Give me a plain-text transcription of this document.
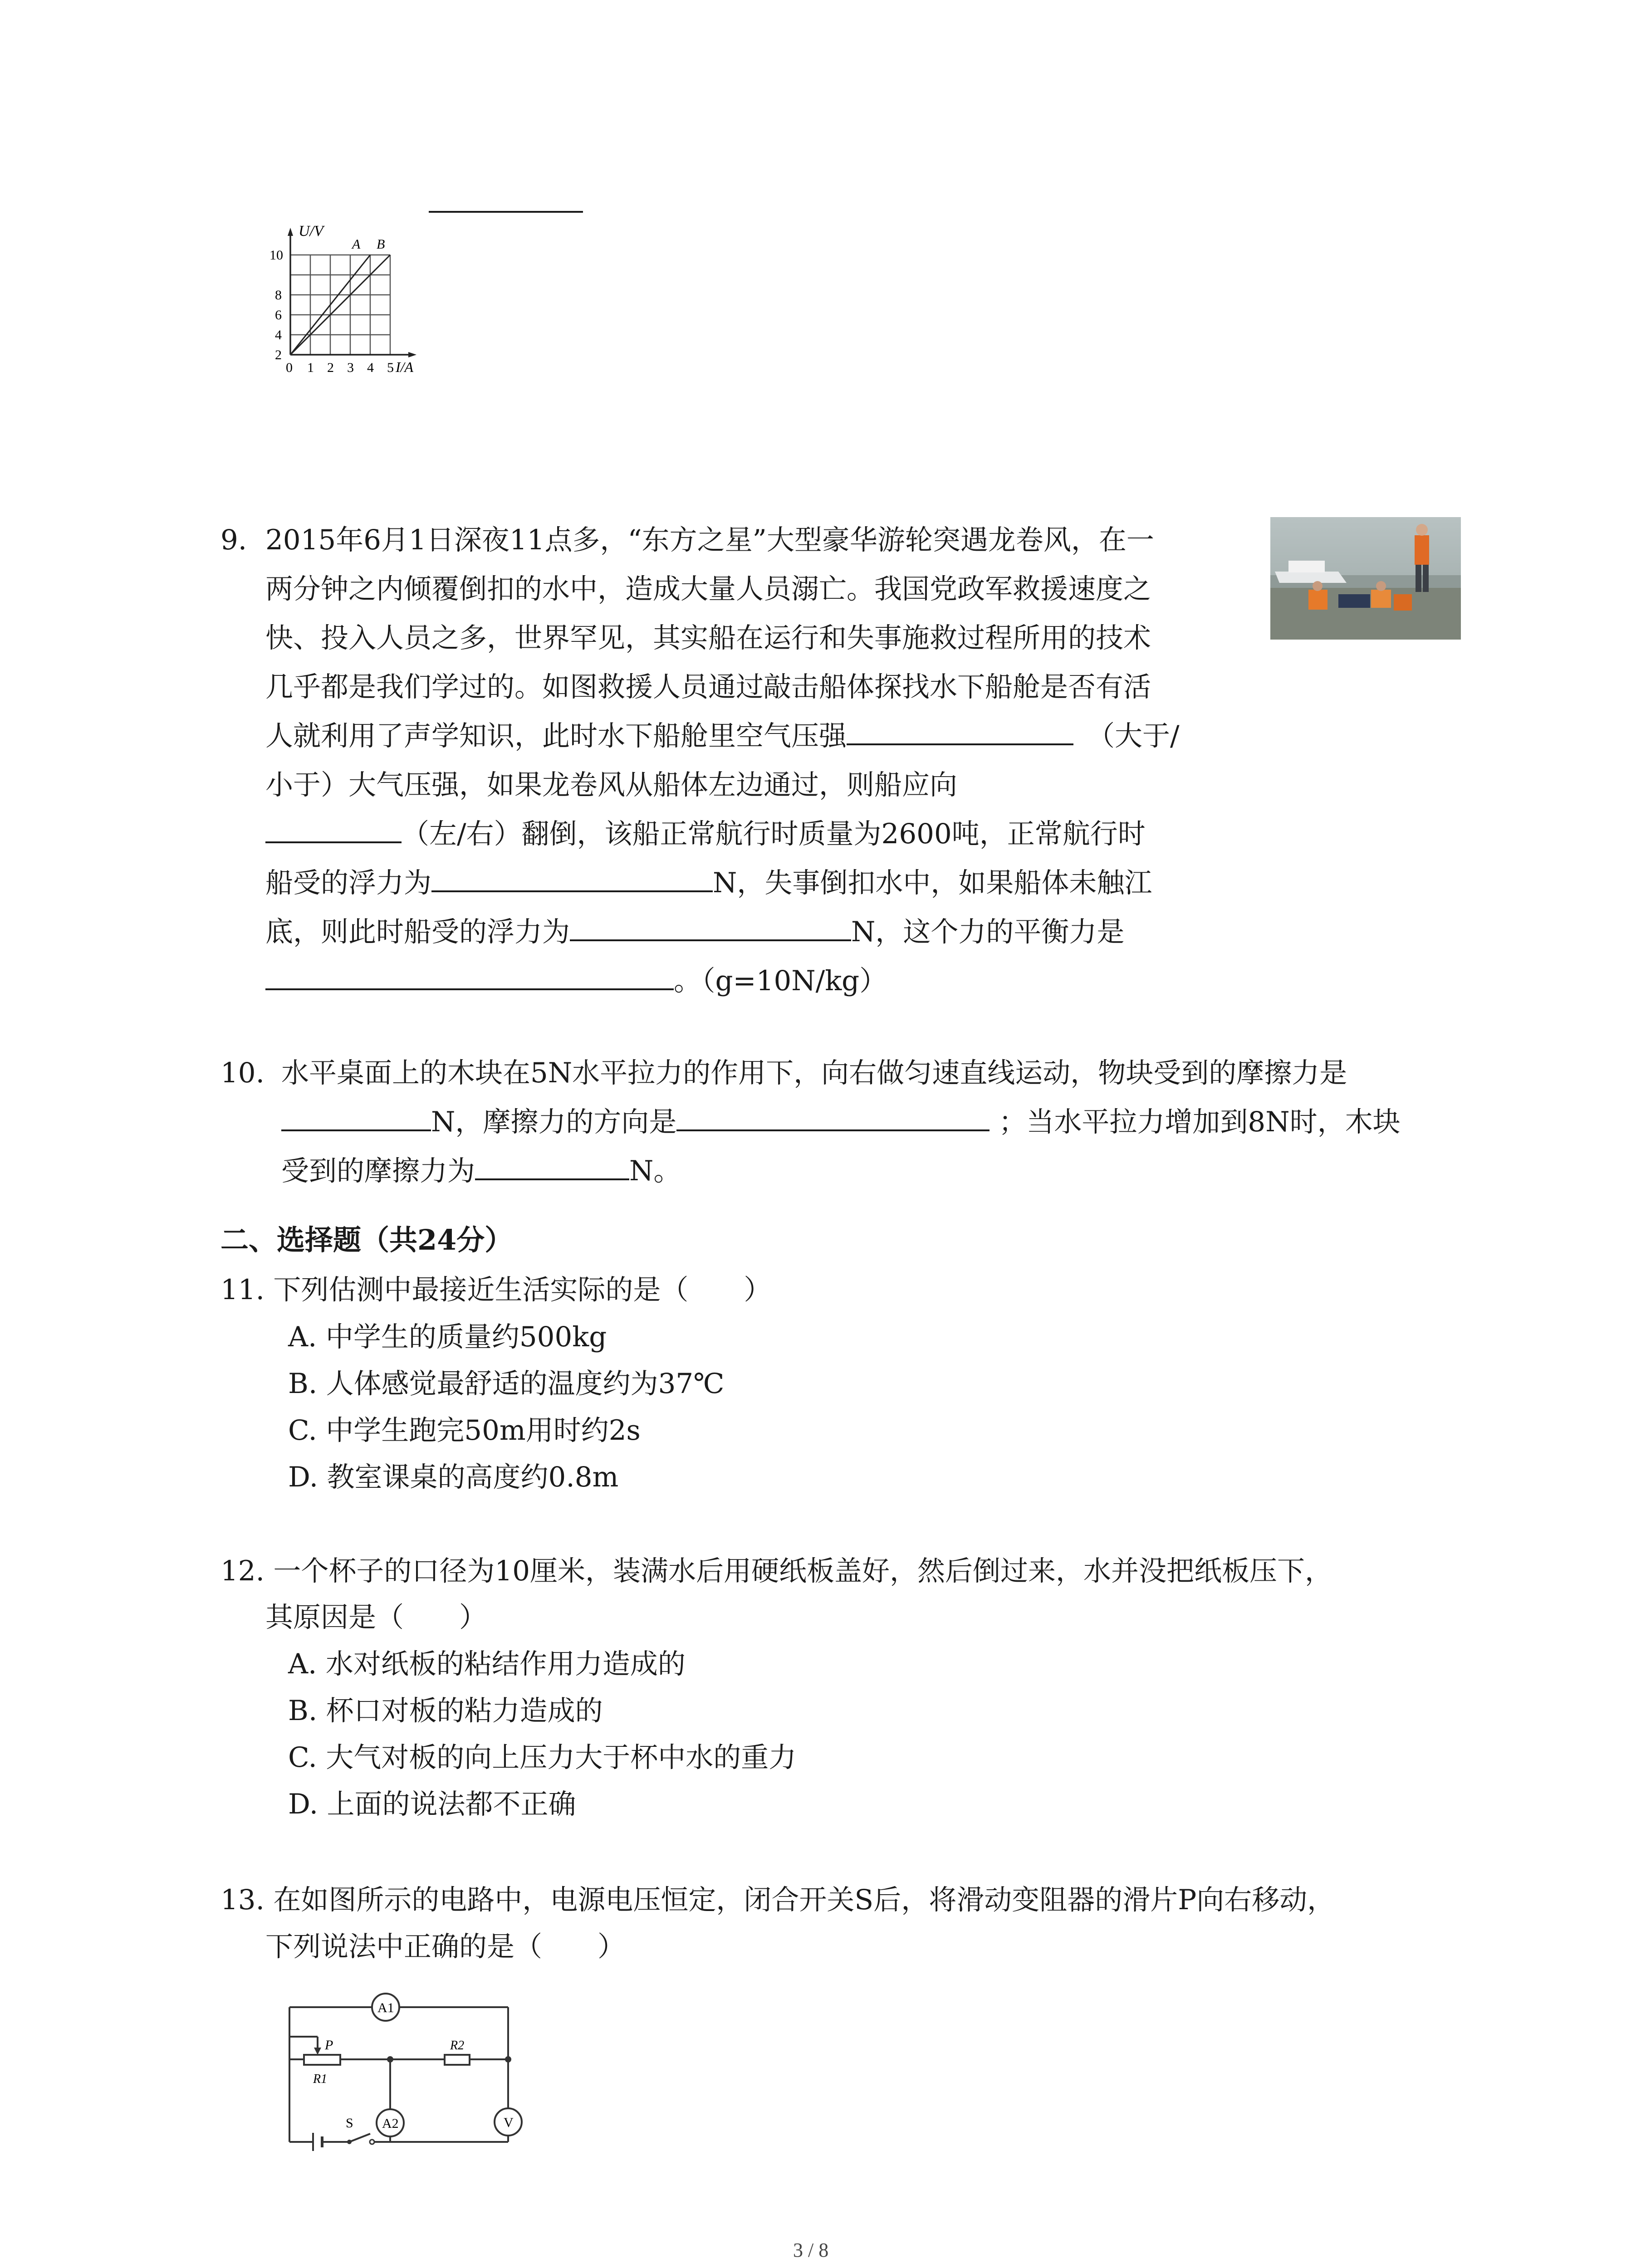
A B
U/V
2
4
6
8
10
0 1 2 3 4 5 I/A
9. 2015年6月1日深夜11点多，“东方之星”大型豪华游轮突遇龙卷风，在一
两分钟之内倾覆倒扣的水中，造成大量人员溺亡。我国党政军救援速度之
快、投入人员之多，世界罕见，其实船在运行和失事施救过程所用的技术
几乎都是我们学过的。如图救援人员通过敲击船体探找水下船舱是否有活
人就利用了声学知识，此时水下船舱里空气压强	（大于/
小于）大气压强，如果龙卷风从船体左边通过，则船应向
（左/右）翻倒，该船正常航行时质量为2600吨，正常航行时
船受的浮力为	N，失事倒扣水中，如果船体未触江
底，则此时船受的浮力为	N，这个力的平衡力是
。（g=10N/kg）
10. 水平桌面上的木块在5N水平拉力的作用下，向右做匀速直线运动，物块受到的摩擦力是
N，摩擦力的方向是	；当水平拉力增加到8N时，木块
受到的摩擦力为	N。
二、选择题（共24分）
11. 下列估测中最接近生活实际的是（　　）
A. 中学生的质量约500kg
B. 人体感觉最舒适的温度约为37℃
C. 中学生跑完50m用时约2s
D. 教室课桌的高度约0.8m
12. 一个杯子的口径为10厘米，装满水后用硬纸板盖好，然后倒过来，水并没把纸板压下，
其原因是（　　）
A. 水对纸板的粘结作用力造成的
B. 杯口对板的粘力造成的
C. 大气对板的向上压力大于杯中水的重力
D. 上面的说法都不正确
13. 在如图所示的电路中，电源电压恒定，闭合开关S后，将滑动变阻器的滑片P向右移动，
下列说法中正确的是（　　）
A1
A2	V
P
R1
R2
S
3 / 8
